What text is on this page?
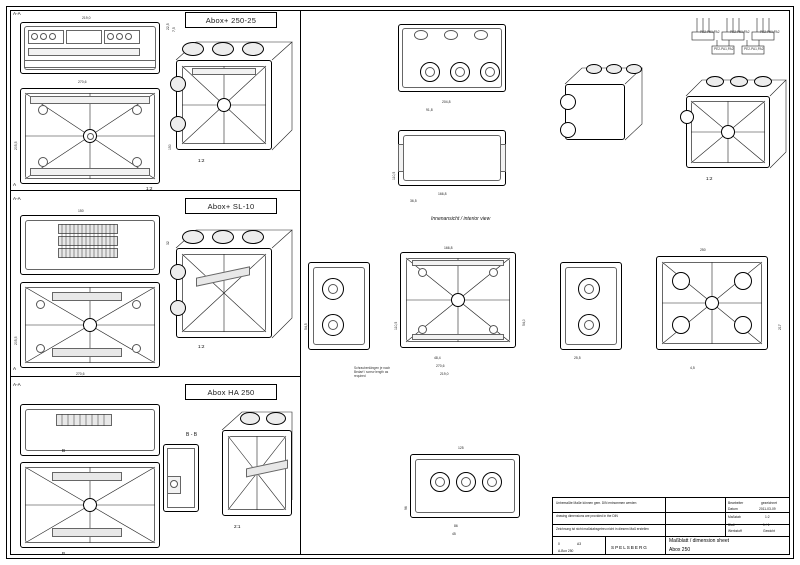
Abox+ 250-25
Abox+ SL-10
Abox HA 250
A-A
A
A-A
A
A-A
219,0
22,5 7,5
270,6
205,5	150
1:2
1:2
150
32
205,5
270,6
1:2
B
B
B - B
2:1
204,8
91,8
110,5
166,8
36,5
Innenansicht / interior view
1:2
PE2-PA1,PA2	PE2-PA1,PA2	PE2-PA1,PA2
PE2-PA1,PA2	PE2-PA1,PA2
54,5
166,8
110,5	54,0
48,4
270,6
219,0
Schraubenlängen je nach Bedarf / screw length as required
25,5
250
217
4,5
125
96
86
45
Unbemaßte Maße können gem. DIN entnommen werden
drawing dimensions are provided in the DIN
Zeichnung ist nicht maßstabsgetreu nicht in diesem Maß erstellen
Bearbeiter	gezeichnet
Datum	2011-03-09
Maßstab	1:2
Blatt	1 / 1
Werkstoff	Gewicht
Maßblatt / dimension sheet
Abox 250
SPELSBERG
0	A3
A-Box 250
